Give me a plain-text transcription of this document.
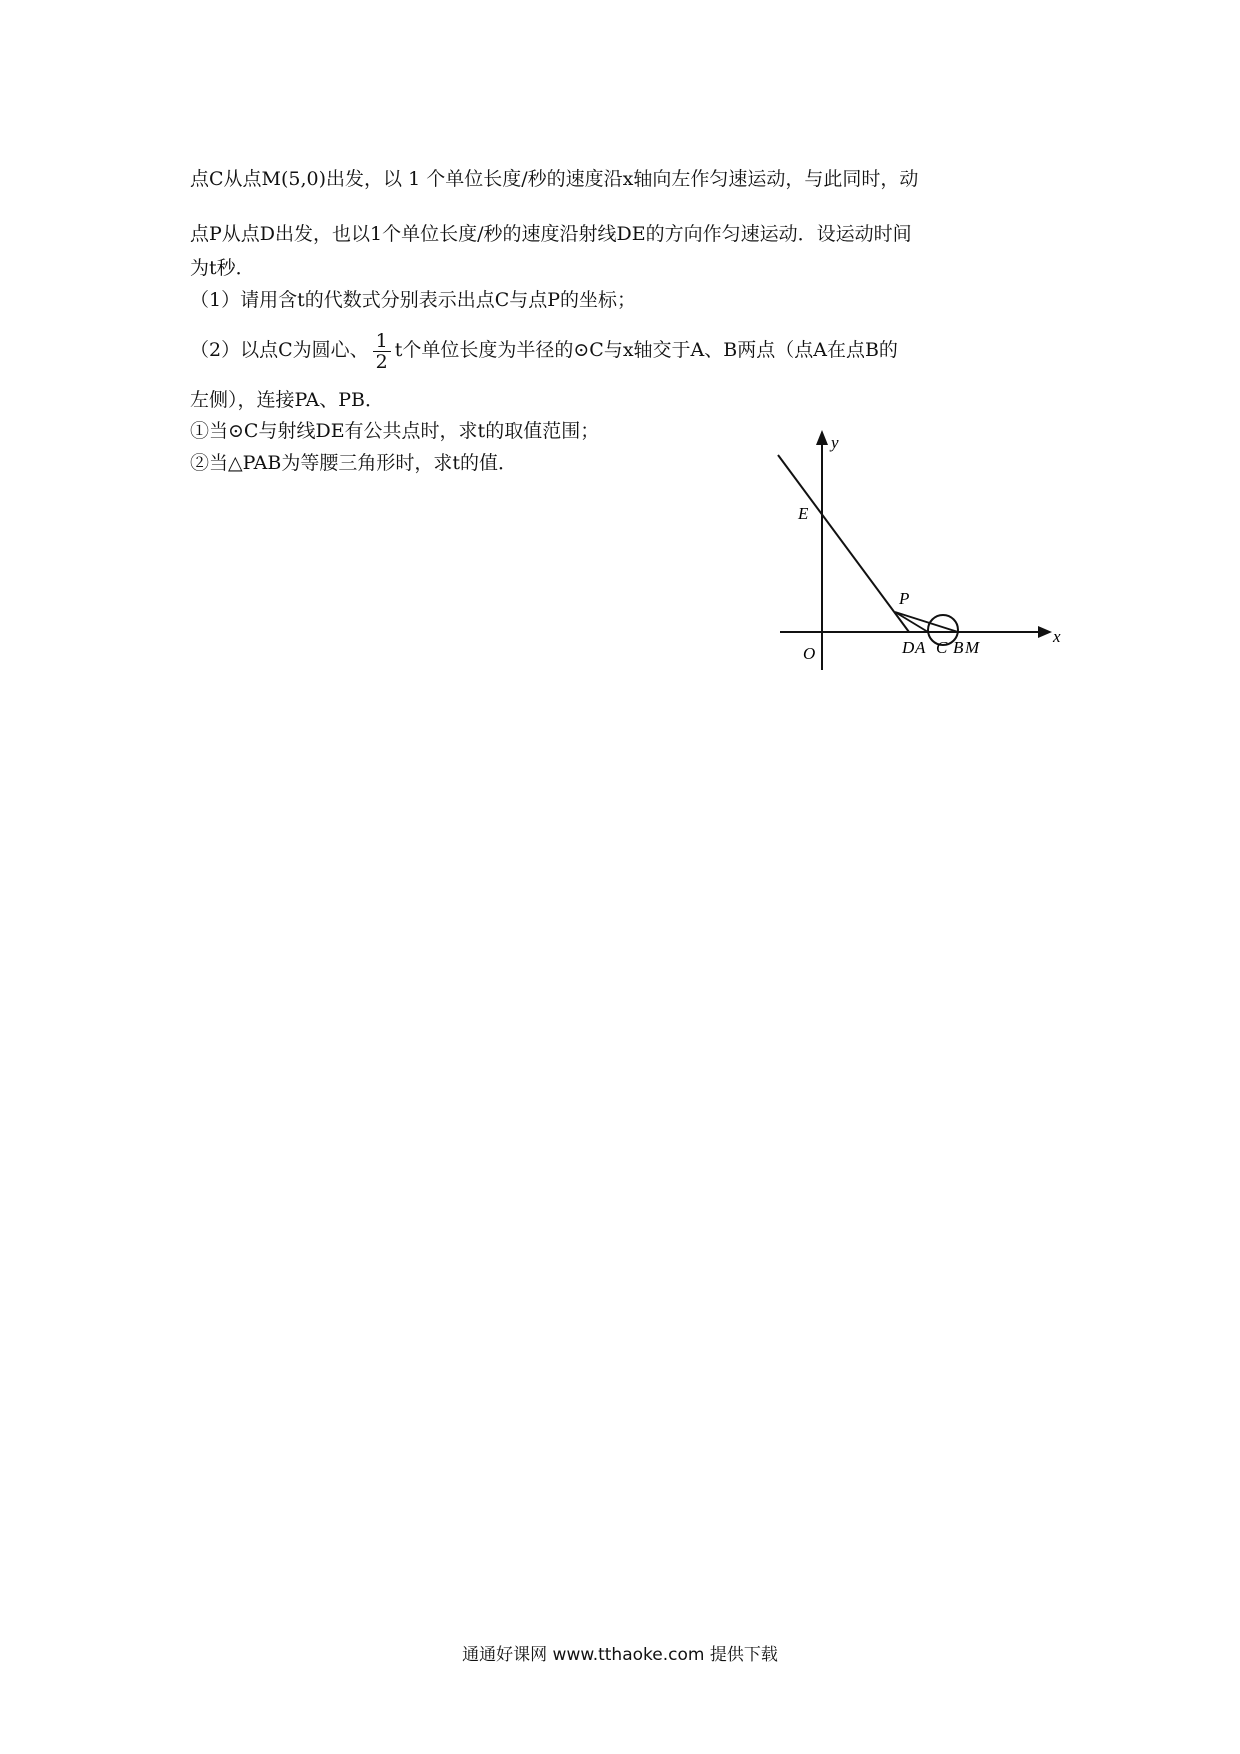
点C从点M(5,0)出发，以 1 个单位长度/秒的速度沿x轴向左作匀速运动，与此同时，动
点P从点D出发，也以1个单位长度/秒的速度沿射线DE的方向作匀速运动．设运动时间
为t秒．
（1）请用含t的代数式分别表示出点C与点P的坐标；
（2）以点C为圆心、 $\frac{1}{2}$ t个单位长度为半径的⊙C与x轴交于A、B两点（点A在点B的
左侧），连接PA、PB．
①当⊙C与射线DE有公共点时，求t的取值范围；
②当△PAB为等腰三角形时，求t的值．
y
x
E
P
O	D A C B M
通通好课网 www.tthaoke.com 提供下载
